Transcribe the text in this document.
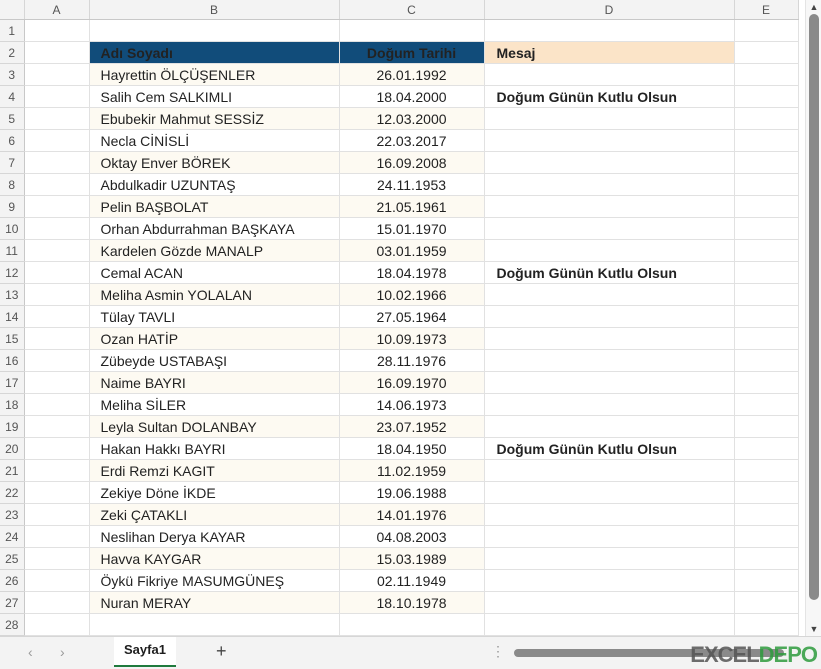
	A	B	C	D	E
1					
2		Adı Soyadı	Doğum Tarihi	Mesaj	
3		Hayrettin ÖLÇÜŞENLER	26.01.1992		
4		Salih Cem SALKIMLI	18.04.2000	Doğum Günün Kutlu Olsun	
5		Ebubekir Mahmut SESSİZ	12.03.2000		
6		Necla CİNİSLİ	22.03.2017		
7		Oktay Enver BÖREK	16.09.2008		
8		Abdulkadir UZUNTAŞ	24.11.1953		
9		Pelin BAŞBOLAT	21.05.1961		
10		Orhan Abdurrahman BAŞKAYA	15.01.1970		
11		Kardelen Gözde MANALP	03.01.1959		
12		Cemal ACAN	18.04.1978	Doğum Günün Kutlu Olsun	
13		Meliha Asmin YOLALAN	10.02.1966		
14		Tülay TAVLI	27.05.1964		
15		Ozan HATİP	10.09.1973		
16		Zübeyde USTABAŞI	28.11.1976		
17		Naime BAYRI	16.09.1970		
18		Meliha SİLER	14.06.1973		
19		Leyla Sultan DOLANBAY	23.07.1952		
20		Hakan Hakkı BAYRI	18.04.1950	Doğum Günün Kutlu Olsun	
21		Erdi Remzi KAGIT	11.02.1959		
22		Zekiye Döne İKDE	19.06.1988		
23		Zeki ÇATAKLI	14.01.1976		
24		Neslihan Derya KAYAR	04.08.2003		
25		Havva KAYGAR	15.03.1989		
26		Öykü Fikriye MASUMGÜNEŞ	02.11.1949		
27		Nuran MERAY	18.10.1978		
28					
▲
▼
‹ ›	Sayfa1	+	⋮	EXCELDEPO
